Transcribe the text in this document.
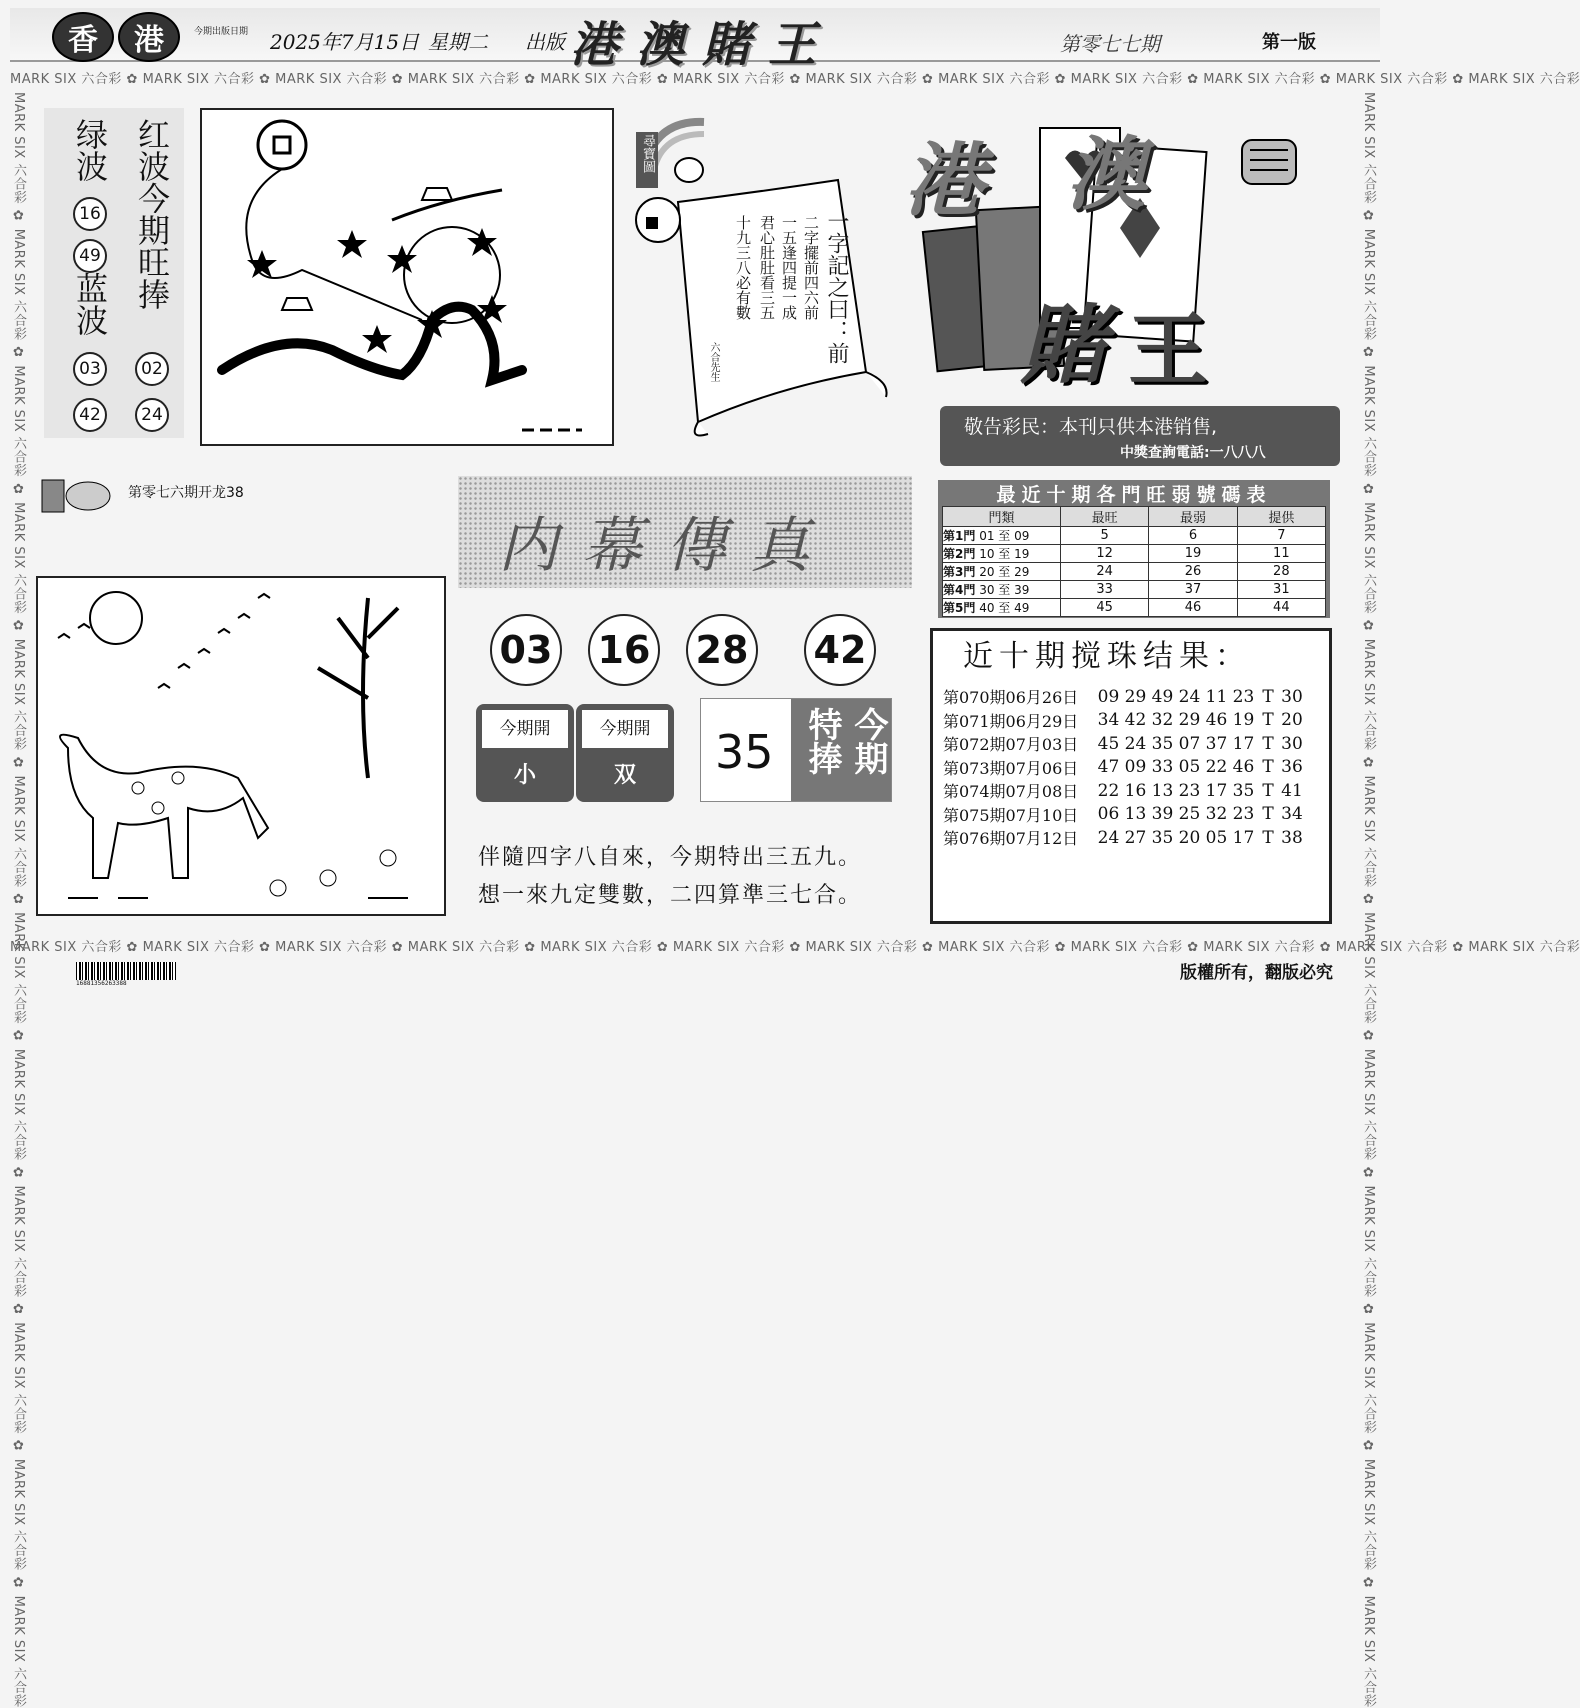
香	港	今期出版日期 2025年7月15日 星期二 出版 港澳賭王	第零七七期	第一版
MARK SIX 六合彩 ✿ MARK SIX 六合彩 ✿ MARK SIX 六合彩 ✿ MARK SIX 六合彩 ✿ MARK SIX 六合彩 ✿ MARK SIX 六合彩 ✿ MARK SIX 六合彩 ✿ MARK SIX 六合彩 ✿ MARK SIX 六合彩 ✿ MARK SIX 六合彩 ✿ MARK SIX 六合彩 ✿ MARK SIX 六合彩
MARK SIX 六合彩 ✿ MARK SIX 六合彩 ✿ MARK SIX 六合彩 ✿ MARK SIX 六合彩 ✿ MARK SIX 六合彩 ✿ MARK SIX 六合彩 ✿ MARK SIX 六合彩 ✿ MARK SIX 六合彩 ✿ MARK SIX 六合彩 ✿ MARK SIX 六合彩 ✿ MARK SIX 六合彩 ✿ MARK SIX 六合彩
MARK SIX 六合彩 ✿ MARK SIX 六合彩 ✿ MARK SIX 六合彩 ✿ MARK SIX 六合彩 ✿ MARK SIX 六合彩 ✿ MARK SIX 六合彩 ✿ MARK SIX 六合彩 ✿ MARK SIX 六合彩 ✿ MARK SIX 六合彩 ✿ MARK SIX 六合彩 ✿ MARK SIX 六合彩 ✿ MARK SIX 六合彩	MARK SIX 六合彩 ✿ MARK SIX 六合彩 ✿ MARK SIX 六合彩 ✿ MARK SIX 六合彩 ✿ MARK SIX 六合彩 ✿ MARK SIX 六合彩 ✿ MARK SIX 六合彩 ✿ MARK SIX 六合彩 ✿ MARK SIX 六合彩 ✿ MARK SIX 六合彩 ✿ MARK SIX 六合彩 ✿ MARK SIX 六合彩
绿波
16
49
蓝波
03
42
红波今期旺捧
02
24
尋寶圖
一字記之曰：前
二字擺前四六前
一五逢四提一成
君心肚肚看三五
十九三八必有數
六合先生
港 澳
賭 王
敬告彩民：本刊只供本港销售,
中獎查詢電話:一八八八
第零七六期开龙38
内幕傳真
03 16 28 42
今期開
小
今期開
双	35 今期
特捧
伴隨四字八自來，今期特出三五九。
想一來九定雙數，二四算準三七合。
最近十期各門旺弱號碼表
門類	最旺	最弱	提供
第1門 01 至 09	5	6	7
第2門 10 至 19	12	19	11
第3門 20 至 29	24	26	28
第4門 30 至 39	33	37	31
第5門 40 至 49	45	46	44
近十期搅珠结果：
第070期06月26日	09 29 49 24 11 23 T 30
第071期06月29日	34 42 32 29 46 19 T 20
第072期07月03日	45 24 35 07 37 17 T 30
第073期07月06日	47 09 33 05 22 46 T 36
第074期07月08日	22 16 13 23 17 35 T 41
第075期07月10日	06 13 39 25 32 23 T 34
第076期07月12日	24 27 35 20 05 17 T 38
16881356263388
版權所有，翻版必究
